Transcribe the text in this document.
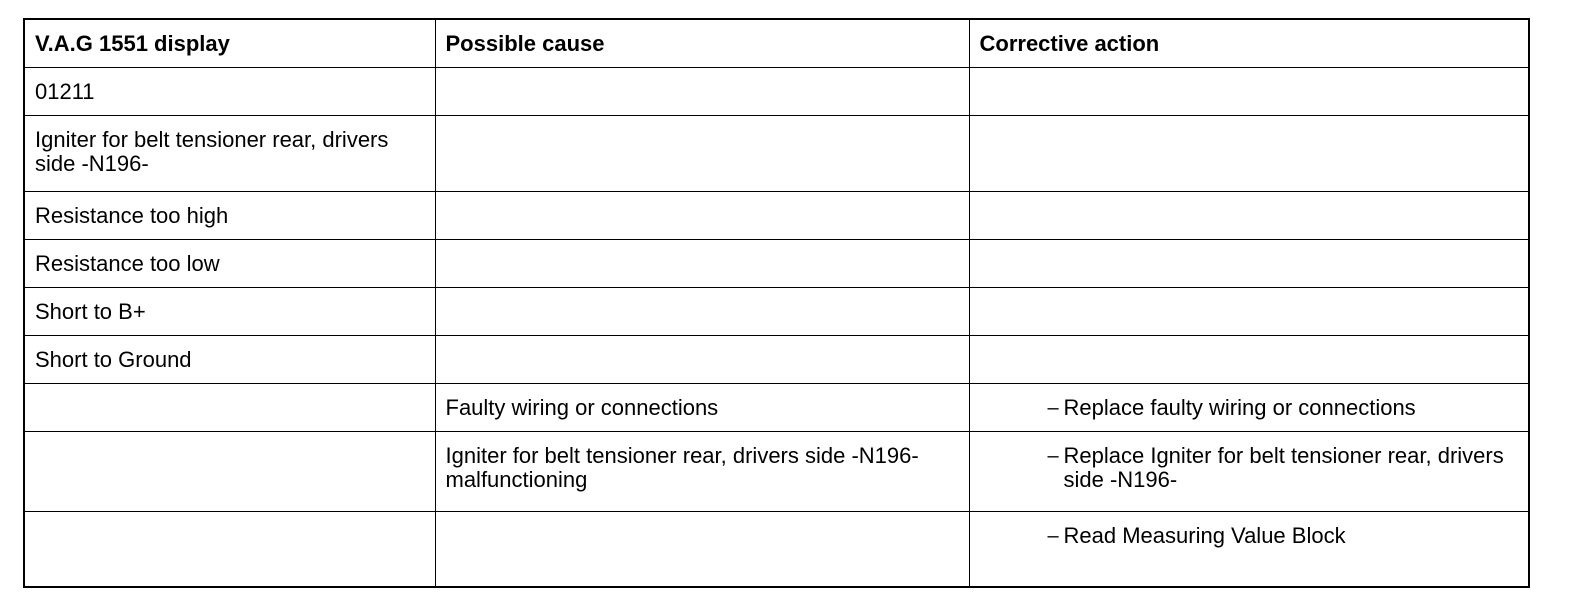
V.A.G 1551 display	Possible cause	Corrective action
01211		
Igniter for belt tensioner rear, drivers side -N196-		
Resistance too high		
Resistance too low		
Short to B+		
Short to Ground		
	Faulty wiring or connections	– Replace faulty wiring or connections

	Igniter for belt tensioner rear, drivers side -N196- malfunctioning	– Replace Igniter for belt tensioner rear, drivers side -N196-

		– Read Measuring Value Block
